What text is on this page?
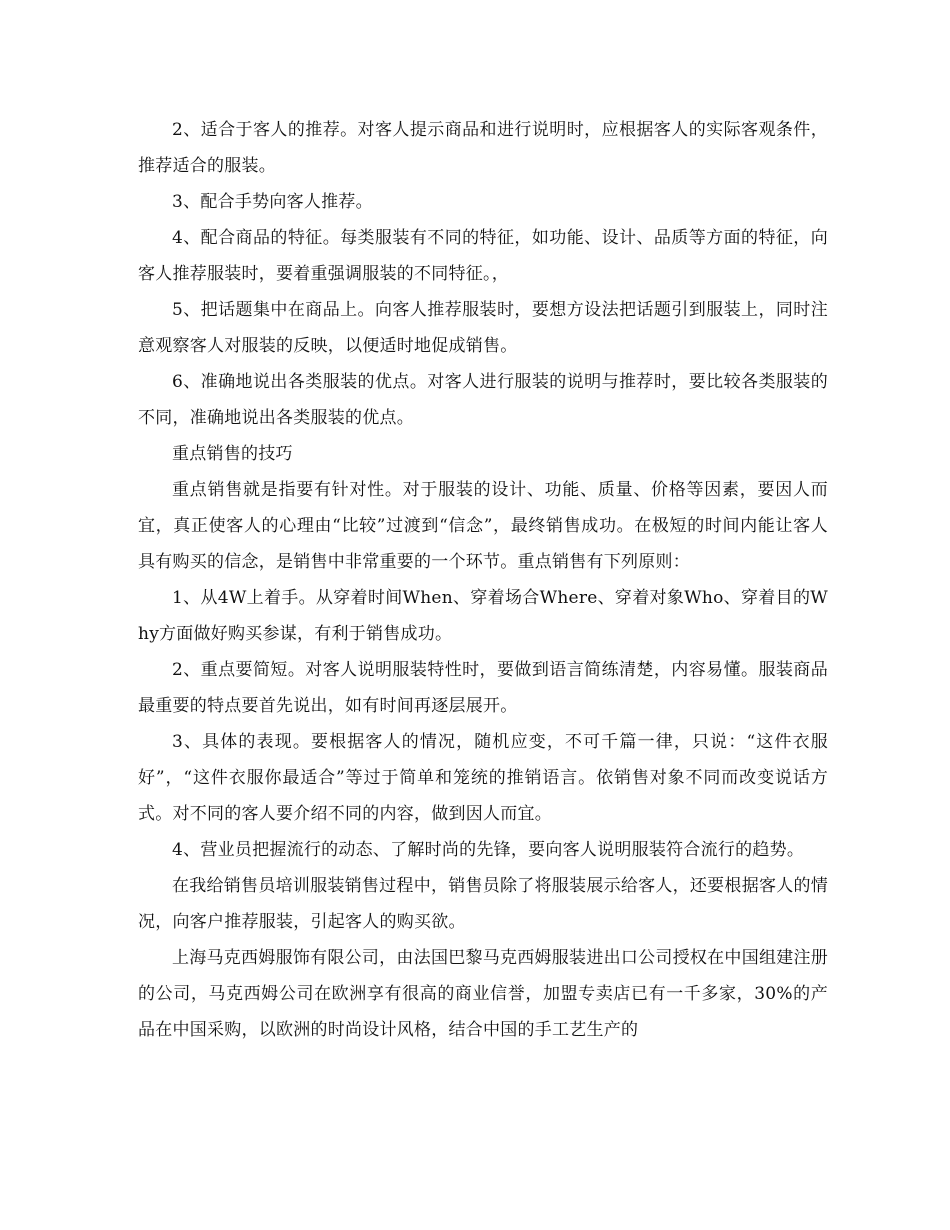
2、适合于客人的推荐。对客人提示商品和进行说明时，应根据客人的实际客观条件，推荐适合的服装。

3、配合手势向客人推荐。

4、配合商品的特征。每类服装有不同的特征，如功能、设计、品质等方面的特征，向客人推荐服装时，要着重强调服装的不同特征。，

5、把话题集中在商品上。向客人推荐服装时，要想方设法把话题引到服装上，同时注意观察客人对服装的反映，以便适时地促成销售。

6、准确地说出各类服装的优点。对客人进行服装的说明与推荐时，要比较各类服装的不同，准确地说出各类服装的优点。

重点销售的技巧

重点销售就是指要有针对性。对于服装的设计、功能、质量、价格等因素，要因人而宜，真正使客人的心理由“比较”过渡到“信念”，最终销售成功。在极短的时间内能让客人具有购买的信念，是销售中非常重要的一个环节。重点销售有下列原则：

1、从4W上着手。从穿着时间When、穿着场合Where、穿着对象Who、穿着目的Why方面做好购买参谋，有利于销售成功。

2、重点要简短。对客人说明服装特性时，要做到语言简练清楚，内容易懂。服装商品最重要的特点要首先说出，如有时间再逐层展开。

3、具体的表现。要根据客人的情况，随机应变，不可千篇一律，只说：“这件衣服好”，“这件衣服你最适合”等过于简单和笼统的推销语言。依销售对象不同而改变说话方式。对不同的客人要介绍不同的内容，做到因人而宜。

4、营业员把握流行的动态、了解时尚的先锋，要向客人说明服装符合流行的趋势。

在我给销售员培训服装销售过程中，销售员除了将服装展示给客人，还要根据客人的情况，向客户推荐服装，引起客人的购买欲。

上海马克西姆服饰有限公司，由法国巴黎马克西姆服装进出口公司授权在中国组建注册的公司，马克西姆公司在欧洲享有很高的商业信誉，加盟专卖店已有一千多家，30%的产品在中国采购，以欧洲的时尚设计风格，结合中国的手工艺生产的
